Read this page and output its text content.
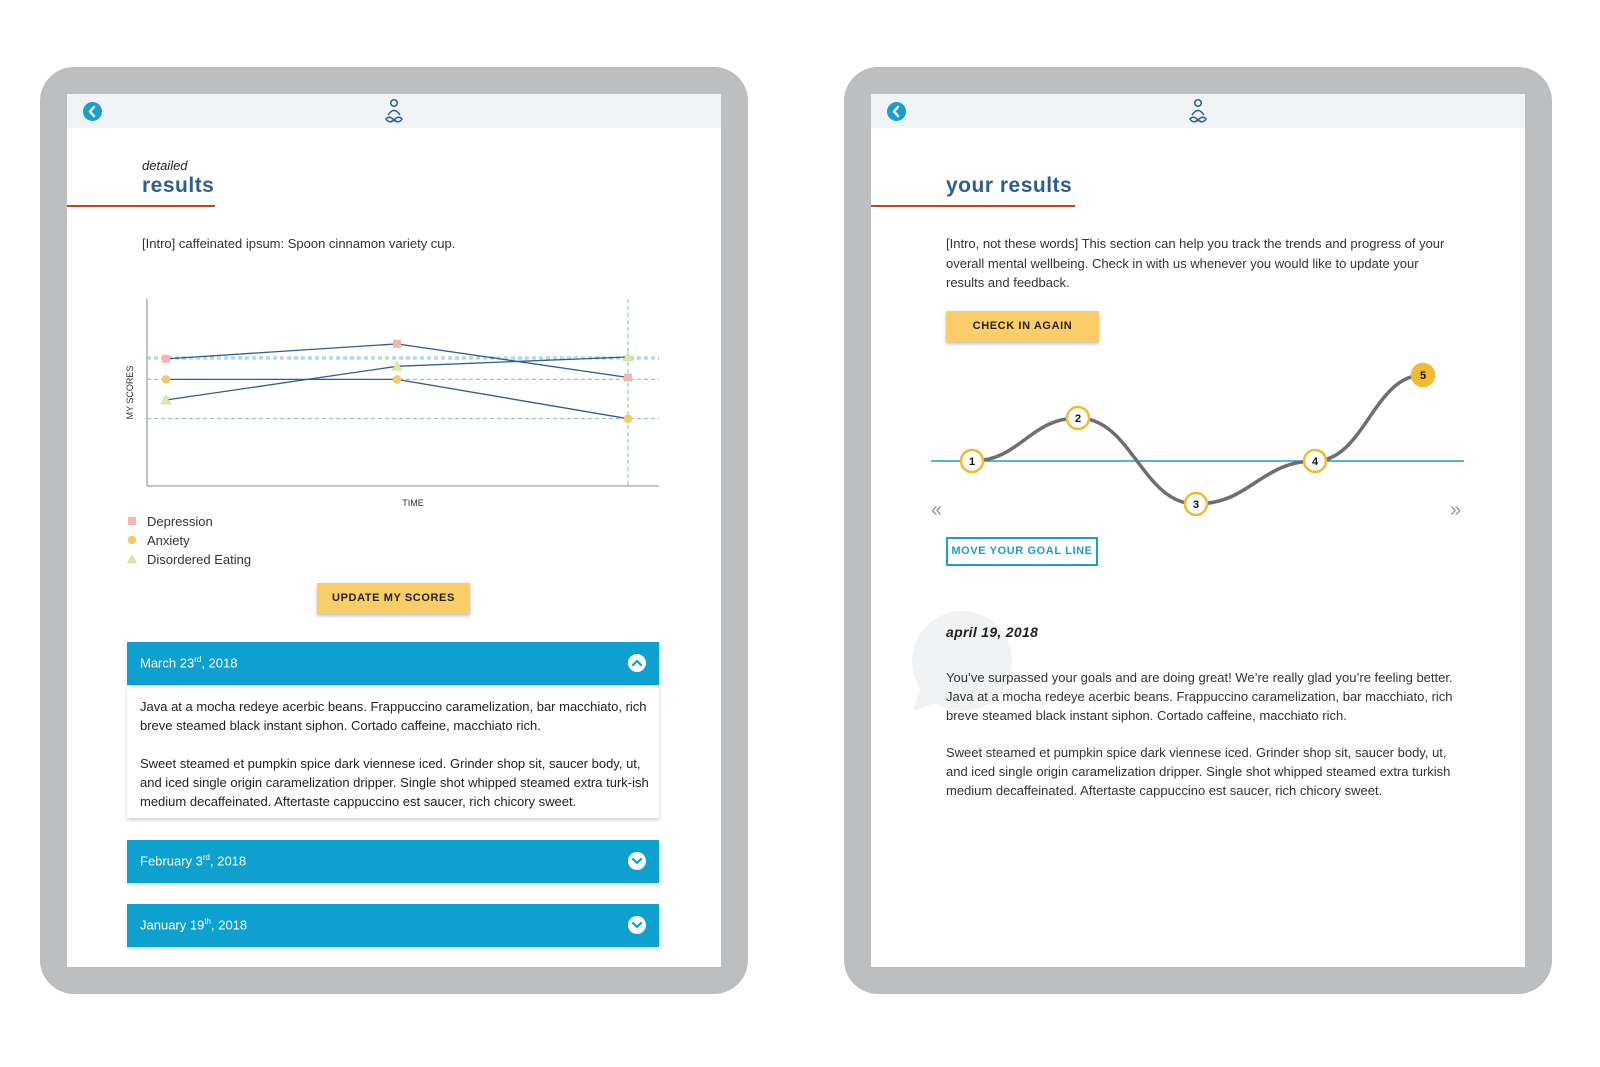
detailed
results
[Intro] caffeinated ipsum: Spoon cinnamon variety cup.
MY SCORES
TIME
Depression
Anxiety
Disordered Eating
UPDATE MY SCORES
March 23rd, 2018

Java at a mocha redeye acerbic beans. Frappuccino caramelization, bar macchiato, rich breve steamed black instant siphon. Cortado caffeine, macchiato rich.

Sweet steamed et pumpkin spice dark viennese iced. Grinder shop sit, saucer body, ut, and iced single origin caramelization dripper. Single shot whipped steamed extra turk-ish medium decaffeinated. Aftertaste cappuccino est saucer, rich chicory sweet.

February 3rd, 2018
January 19th, 2018
your results
[Intro, not these words] This section can help you track the trends and progress of your overall mental wellbeing. Check in with us whenever you would like to update your results and feedback.
CHECK IN AGAIN
1
2
3
4
5
«	»
MOVE YOUR GOAL LINE
april 19, 2018

You’ve surpassed your goals and are doing great! We’re really glad you’re feeling better. Java at a mocha redeye acerbic beans. Frappuccino caramelization, bar macchiato, rich breve steamed black instant siphon. Cortado caffeine, macchiato rich.

Sweet steamed et pumpkin spice dark viennese iced. Grinder shop sit, saucer body, ut, and iced single origin caramelization dripper. Single shot whipped steamed extra turkish medium decaffeinated. Aftertaste cappuccino est saucer, rich chicory sweet.
